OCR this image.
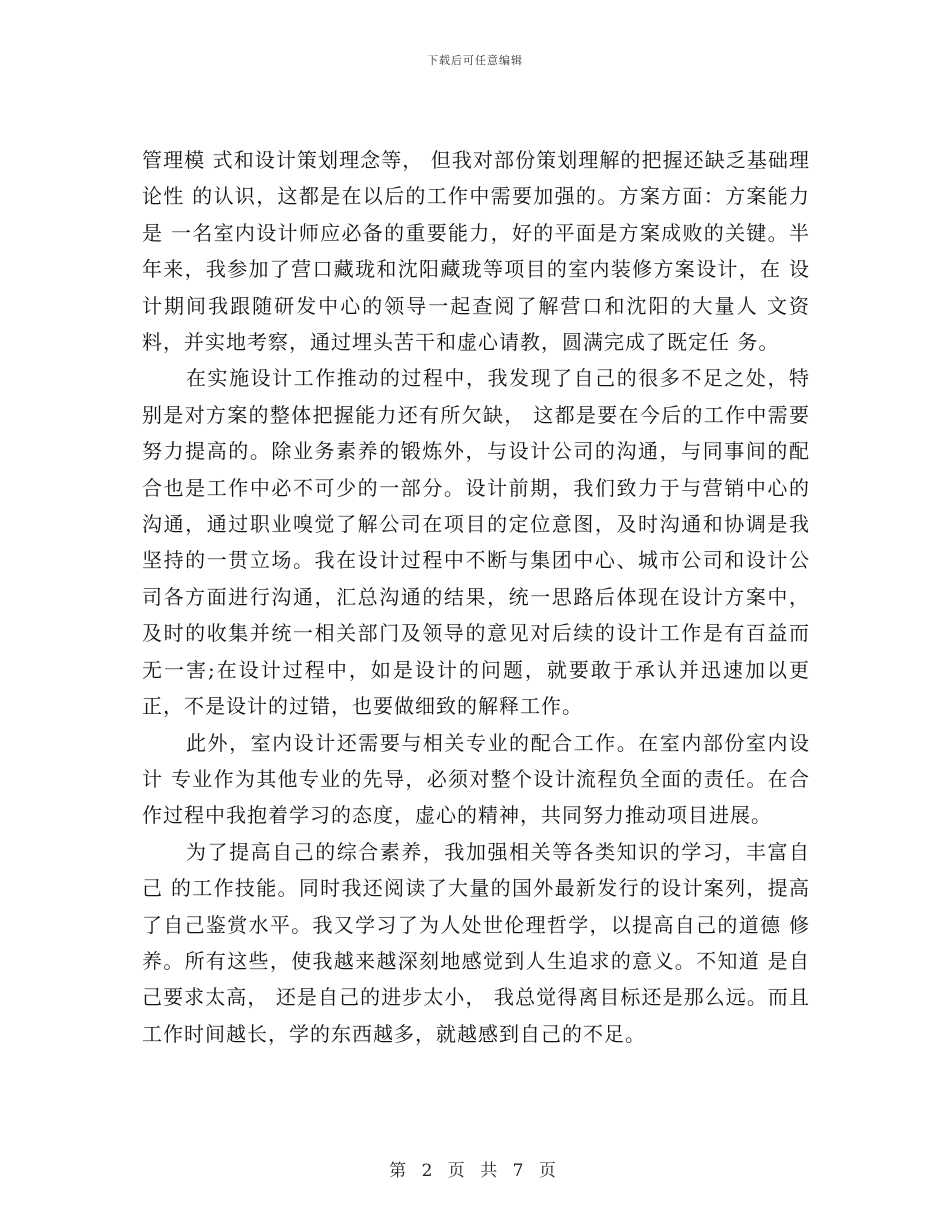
下载后可任意编辑

管理模 式和设计策划理念等， 但我对部份策划理解的把握还缺乏基础理论性 的认识，这都是在以后的工作中需要加强的。方案方面：方案能力是 一名室内设计师应必备的重要能力，好的平面是方案成败的关键。半 年来，我参加了营口藏珑和沈阳藏珑等项目的室内装修方案设计，在 设计期间我跟随研发中心的领导一起查阅了解营口和沈阳的大量人 文资料，并实地考察，通过埋头苦干和虚心请教，圆满完成了既定任 务。

在实施设计工作推动的过程中，我发现了自己的很多不足之处，特别是对方案的整体把握能力还有所欠缺， 这都是要在今后的工作中需要努力提高的。除业务素养的锻炼外，与设计公司的沟通，与同事间的配合也是工作中必不可少的一部分。设计前期，我们致力于与营销中心的沟通，通过职业嗅觉了解公司在项目的定位意图，及时沟通和协调是我坚持的一贯立场。我在设计过程中不断与集团中心、城市公司和设计公司各方面进行沟通，汇总沟通的结果，统一思路后体现在设计方案中， 及时的收集并统一相关部门及领导的意见对后续的设计工作是有百益而无一害;在设计过程中，如是设计的问题，就要敢于承认并迅速加以更正，不是设计的过错，也要做细致的解释工作。

此外，室内设计还需要与相关专业的配合工作。在室内部份室内设计 专业作为其他专业的先导，必须对整个设计流程负全面的责任。在合 作过程中我抱着学习的态度，虚心的精神，共同努力推动项目进展。

为了提高自己的综合素养，我加强相关等各类知识的学习，丰富自己 的工作技能。同时我还阅读了大量的国外最新发行的设计案列，提高 了自己鉴赏水平。我又学习了为人处世伦理哲学，以提高自己的道德 修养。所有这些，使我越来越深刻地感觉到人生追求的意义。不知道 是自己要求太高， 还是自己的进步太小， 我总觉得离目标还是那么远。而且工作时间越长，学的东西越多，就越感到自己的不足。

第 2 页 共 7 页
